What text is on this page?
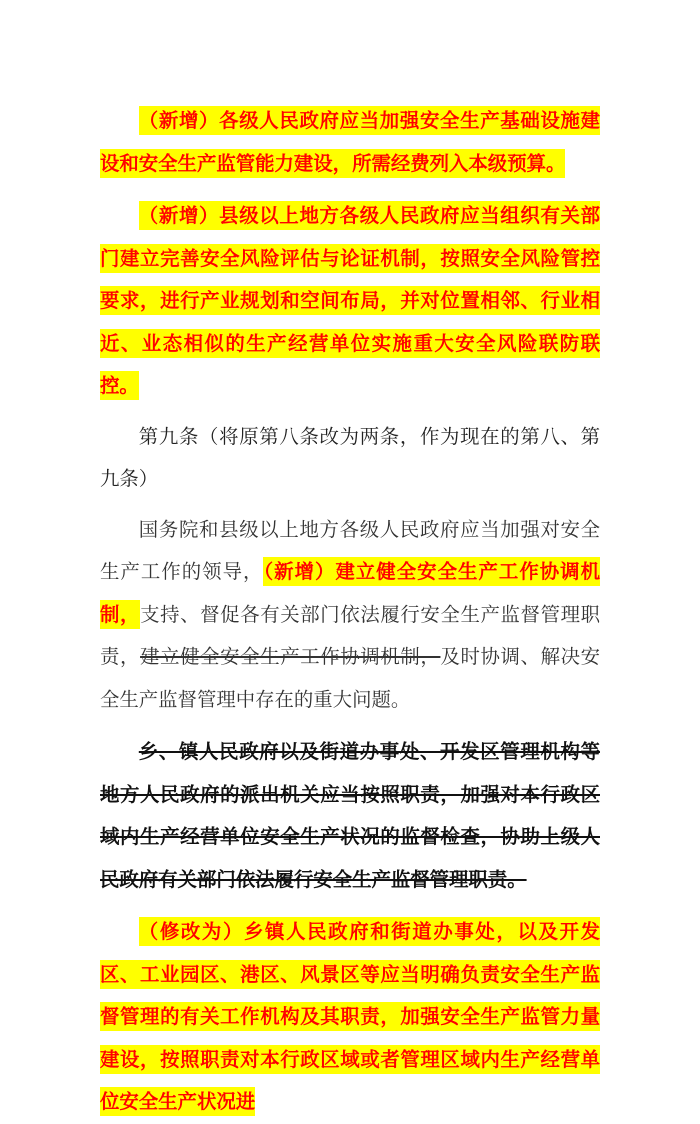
（新增）各级人民政府应当加强安全生产基础设施建设和安全生产监管能力建设，所需经费列入本级预算。

（新增）县级以上地方各级人民政府应当组织有关部门建立完善安全风险评估与论证机制，按照安全风险管控要求，进行产业规划和空间布局，并对位置相邻、行业相近、业态相似的生产经营单位实施重大安全风险联防联控。

第九条（将原第八条改为两条，作为现在的第八、第九条）

国务院和县级以上地方各级人民政府应当加强对安全生产工作的领导，（新增）建立健全安全生产工作协调机制，支持、督促各有关部门依法履行安全生产监督管理职责，建立健全安全生产工作协调机制，及时协调、解决安全生产监督管理中存在的重大问题。

乡、镇人民政府以及街道办事处、开发区管理机构等地方人民政府的派出机关应当按照职责，加强对本行政区域内生产经营单位安全生产状况的监督检查，协助上级人民政府有关部门依法履行安全生产监督管理职责。

（修改为）乡镇人民政府和街道办事处，以及开发区、工业园区、港区、风景区等应当明确负责安全生产监督管理的有关工作机构及其职责，加强安全生产监管力量建设，按照职责对本行政区域或者管理区域内生产经营单位安全生产状况进
